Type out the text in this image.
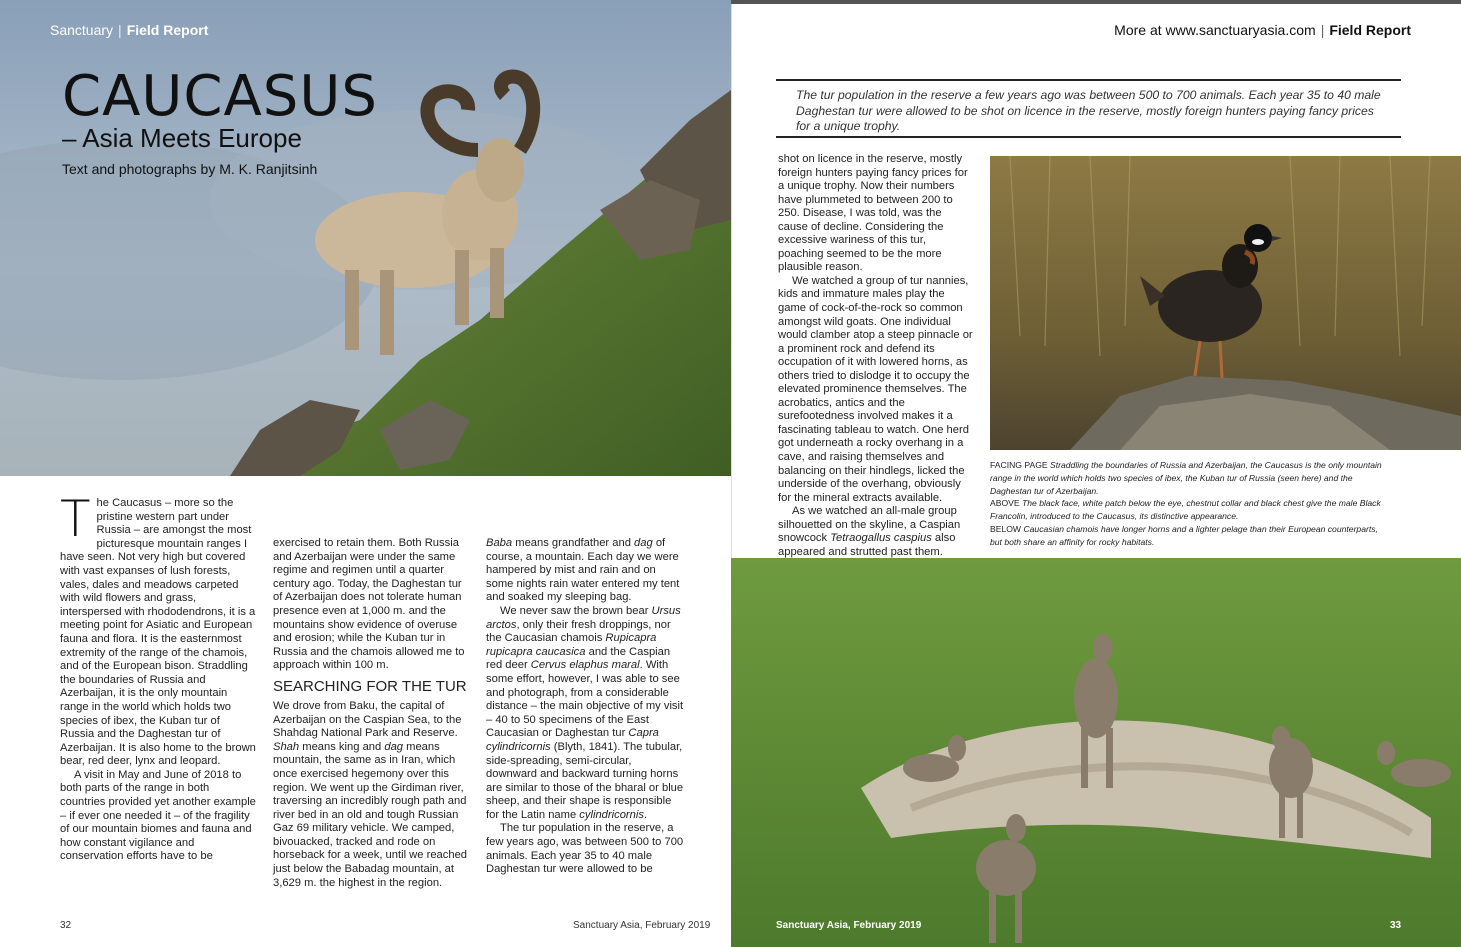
Sanctuary | Field Report
CAUCASUS
– Asia Meets Europe
Text and photographs by M. K. Ranjitsinh

The Caucasus – more so the pristine western part under Russia – are amongst the most picturesque mountain ranges I have seen. Not very high but covered with vast expanses of lush forests, vales, dales and meadows carpeted with wild flowers and grass, interspersed with rhododendrons, it is a meeting point for Asiatic and European fauna and flora. It is the easternmost extremity of the range of the chamois, and of the European bison. Straddling the boundaries of Russia and Azerbaijan, it is the only mountain range in the world which holds two species of ibex, the Kuban tur of Russia and the Daghestan tur of Azerbaijan. It is also home to the brown bear, red deer, lynx and leopard.

A visit in May and June of 2018 to both parts of the range in both countries provided yet another example – if ever one needed it – of the fragility of our mountain biomes and fauna and how constant vigilance and conservation efforts have to be

exercised to retain them. Both Russia and Azerbaijan were under the same regime and regimen until a quarter century ago. Today, the Daghestan tur of Azerbaijan does not tolerate human presence even at 1,000 m. and the mountains show evidence of overuse and erosion; while the Kuban tur in Russia and the chamois allowed me to approach within 100 m.

SEARCHING FOR THE TUR

We drove from Baku, the capital of Azerbaijan on the Caspian Sea, to the Shahdag National Park and Reserve. Shah means king and dag means mountain, the same as in Iran, which once exercised hegemony over this region. We went up the Girdiman river, traversing an incredibly rough path and river bed in an old and tough Russian Gaz 69 military vehicle. We camped, bivouacked, tracked and rode on horseback for a week, until we reached just below the Babadag mountain, at 3,629 m. the highest in the region.

Baba means grandfather and dag of course, a mountain. Each day we were hampered by mist and rain and on some nights rain water entered my tent and soaked my sleeping bag.

We never saw the brown bear Ursus arctos, only their fresh droppings, nor the Caucasian chamois Rupicapra rupicapra caucasica and the Caspian red deer Cervus elaphus maral. With some effort, however, I was able to see and photograph, from a considerable distance – the main objective of my visit – 40 to 50 specimens of the East Caucasian or Daghestan tur Capra cylindricornis (Blyth, 1841). The tubular, side-spreading, semi-circular, downward and backward turning horns are similar to those of the bharal or blue sheep, and their shape is responsible for the Latin name cylindricornis.

The tur population in the reserve, a few years ago, was between 500 to 700 animals. Each year 35 to 40 male Daghestan tur were allowed to be

32	Sanctuary Asia, February 2019
More at www.sanctuaryasia.com | Field Report
The tur population in the reserve a few years ago was between 500 to 700 animals. Each year 35 to 40 male Daghestan tur were allowed to be shot on licence in the reserve, mostly foreign hunters paying fancy prices for a unique trophy.

shot on licence in the reserve, mostly foreign hunters paying fancy prices for a unique trophy. Now their numbers have plummeted to between 200 to 250. Disease, I was told, was the cause of decline. Considering the excessive wariness of this tur, poaching seemed to be the more plausible reason.

We watched a group of tur nannies, kids and immature males play the game of cock-of-the-rock so common amongst wild goats. One individual would clamber atop a steep pinnacle or a prominent rock and defend its occupation of it with lowered horns, as others tried to dislodge it to occupy the elevated prominence themselves. The acrobatics, antics and the surefootedness involved makes it a fascinating tableau to watch. One herd got underneath a rocky overhang in a cave, and raising themselves and balancing on their hindlegs, licked the underside of the overhang, obviously for the mineral extracts available.

As we watched an all-male group silhouetted on the skyline, a Caspian snowcock Tetraogallus caspius also appeared and strutted past them.

FACING PAGE Straddling the boundaries of Russia and Azerbaijan, the Caucasus is the only mountain range in the world which holds two species of ibex, the Kuban tur of Russia (seen here) and the Daghestan tur of Azerbaijan.
ABOVE The black face, white patch below the eye, chestnut collar and black chest give the male Black Francolin, introduced to the Caucasus, its distinctive appearance.
BELOW Caucasian chamois have longer horns and a lighter pelage than their European counterparts, but both share an affinity for rocky habitats.
Sanctuary Asia, February 2019	33
